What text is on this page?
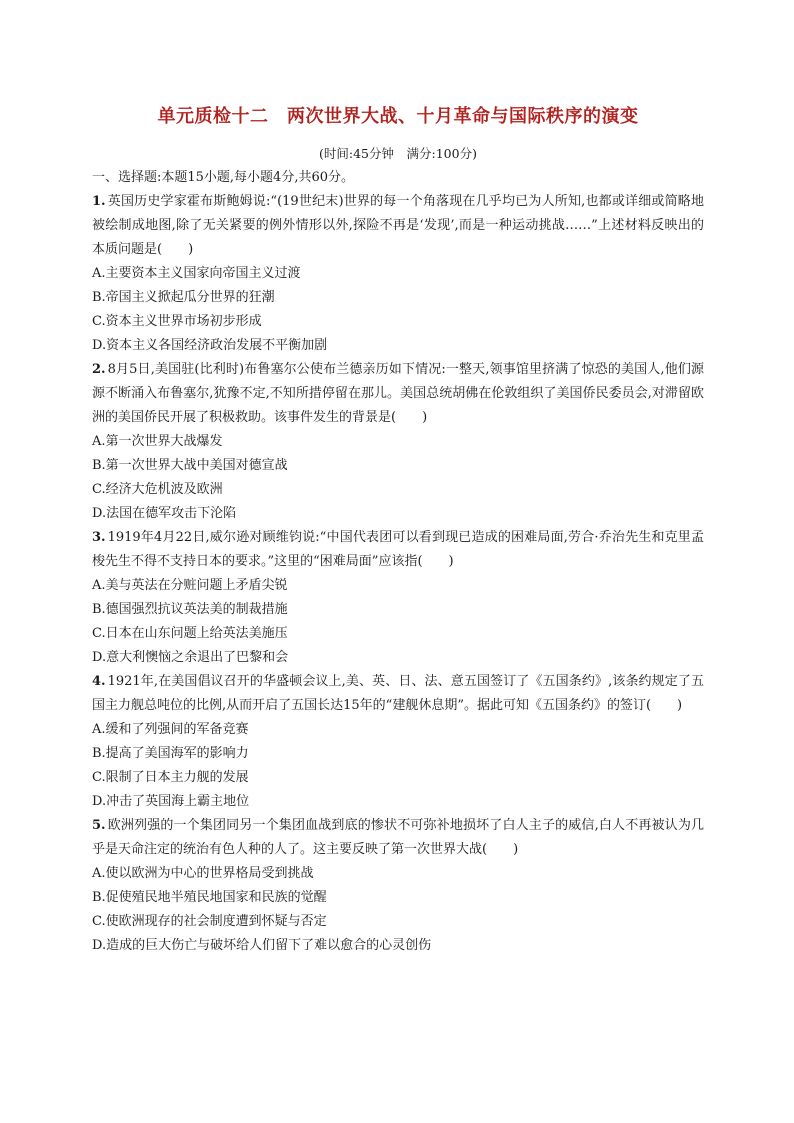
单元质检十二　两次世界大战、十月革命与国际秩序的演变

(时间:45分钟　满分:100分)

一、选择题:本题15小题,每小题4分,共60分。

1. 英国历史学家霍布斯鲍姆说:“(19世纪末)世界的每一个角落现在几乎均已为人所知,也都或详细或简略地被绘制成地图,除了无关紧要的例外情形以外,探险不再是‘发现’,而是一种运动挑战……”上述材料反映出的本质问题是(　　)

A.主要资本主义国家向帝国主义过渡

B.帝国主义掀起瓜分世界的狂潮

C.资本主义世界市场初步形成

D.资本主义各国经济政治发展不平衡加剧

2. 8月5日,美国驻(比利时)布鲁塞尔公使布兰德亲历如下情况:一整天,领事馆里挤满了惊恐的美国人,他们源源不断涌入布鲁塞尔,犹豫不定,不知所措停留在那儿。美国总统胡佛在伦敦组织了美国侨民委员会,对滞留欧洲的美国侨民开展了积极救助。该事件发生的背景是(　　)

A.第一次世界大战爆发

B.第一次世界大战中美国对德宣战

C.经济大危机波及欧洲

D.法国在德军攻击下沦陷

3. 1919年4月22日,威尔逊对顾维钧说:“中国代表团可以看到现已造成的困难局面,劳合·乔治先生和克里孟梭先生不得不支持日本的要求。”这里的“困难局面”应该指(　　)

A.美与英法在分赃问题上矛盾尖锐

B.德国强烈抗议英法美的制裁措施

C.日本在山东问题上给英法美施压

D.意大利懊恼之余退出了巴黎和会

4. 1921年,在美国倡议召开的华盛顿会议上,美、英、日、法、意五国签订了《五国条约》,该条约规定了五国主力舰总吨位的比例,从而开启了五国长达15年的“建舰休息期”。据此可知《五国条约》的签订(　　)

A.缓和了列强间的军备竞赛

B.提高了美国海军的影响力

C.限制了日本主力舰的发展

D.冲击了英国海上霸主地位

5. 欧洲列强的一个集团同另一个集团血战到底的惨状不可弥补地损坏了白人主子的威信,白人不再被认为几乎是天命注定的统治有色人种的人了。这主要反映了第一次世界大战(　　)

A.使以欧洲为中心的世界格局受到挑战

B.促使殖民地半殖民地国家和民族的觉醒

C.使欧洲现存的社会制度遭到怀疑与否定

D.造成的巨大伤亡与破坏给人们留下了难以愈合的心灵创伤
